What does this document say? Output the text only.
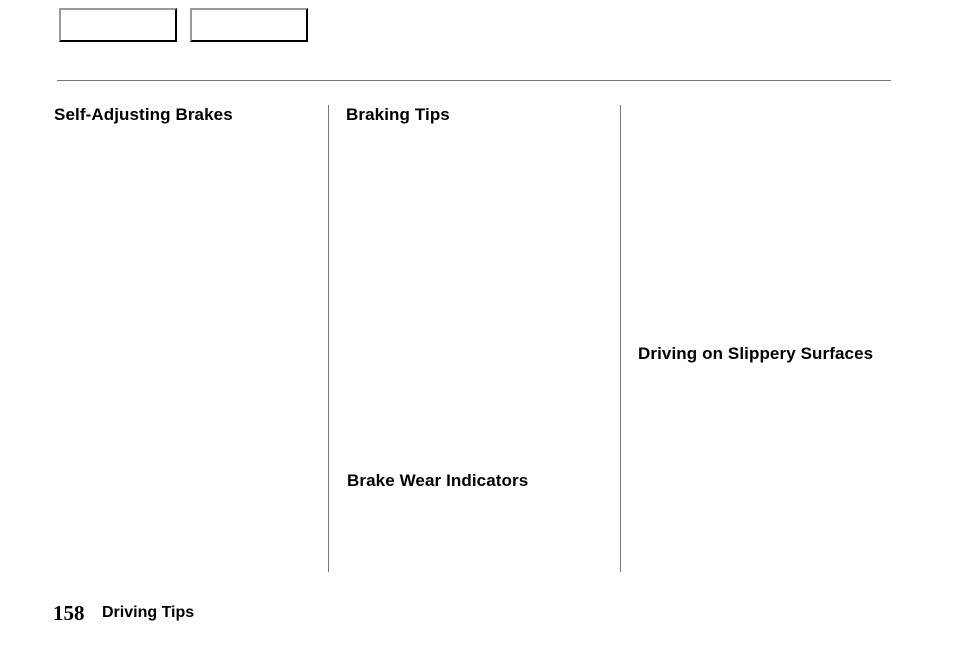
Self-Adjusting Brakes	Braking Tips
Brake Wear Indicators
Driving on Slippery Surfaces
158 Driving Tips
